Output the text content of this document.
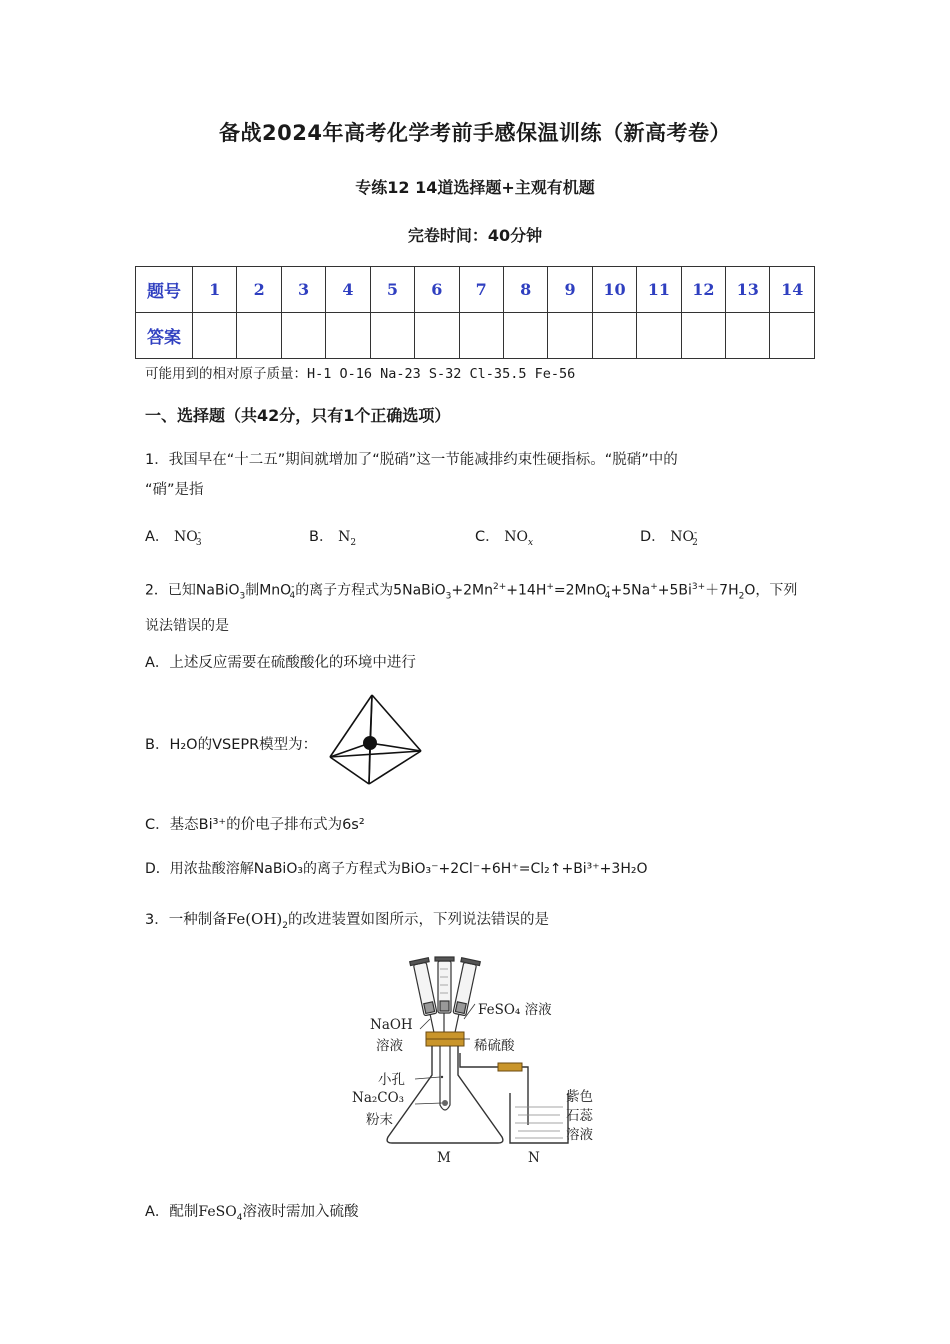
备战2024年高考化学考前手感保温训练（新高考卷）
专练12 14道选择题+主观有机题
完卷时间：40分钟
题号	1	2	3	4	5	6	7	8	9	10	11	12	13	14
答案														
可能用到的相对原子质量：H-1 O-16 Na-23 S-32 Cl-35.5 Fe-56
一、选择题（共42分，只有1个正确选项）
1．我国早在“十二五”期间就增加了“脱硝”这一节能减排约束性硬指标。“脱硝”中的
“硝”是指
A． $NO^-_3$	B． $N_2$	C． $NO_x$	D． $NO^-_2$
2．已知NaBiO$_3$制MnO-$_4$的离子方程式为$5NaBiO_3+2Mn^{2+}+14H^+=2MnO^-_4+5Na^++5Bi^{3+}+7H_2O$，下列
说法错误的是
A．上述反应需要在硫酸酸化的环境中进行
B．H₂O的VSEPR模型为：
C．基态Bi³⁺的价电子排布式为6s²
D．用浓盐酸溶解NaBiO₃的离子方程式为BiO₃⁻+2Cl⁻+6H⁺=Cl₂↑+Bi³⁺+3H₂O
3．一种制备$Fe(OH)_2$的改进装置如图所示，下列说法错误的是
FeSO₄ 溶液
NaOH
溶液	稀硫酸
小孔
Na₂CO₃
粉末
紫色
石蕊
溶液
M	N
A．配制FeSO$_4$溶液时需加入硫酸
